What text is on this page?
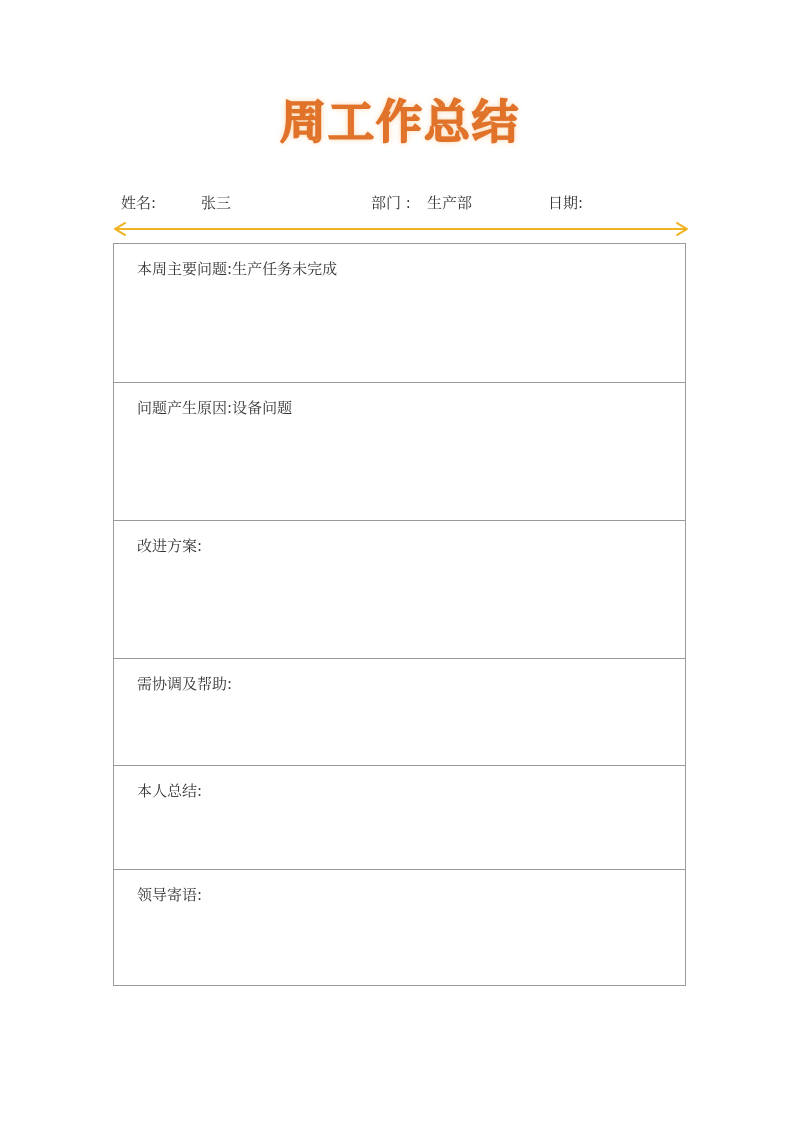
周工作总结
姓名:	张三	部门 : 生产部	日期:
本周主要问题:生产任务未完成
问题产生原因:设备问题
改进方案:
需协调及帮助:
本人总结:
领导寄语:
